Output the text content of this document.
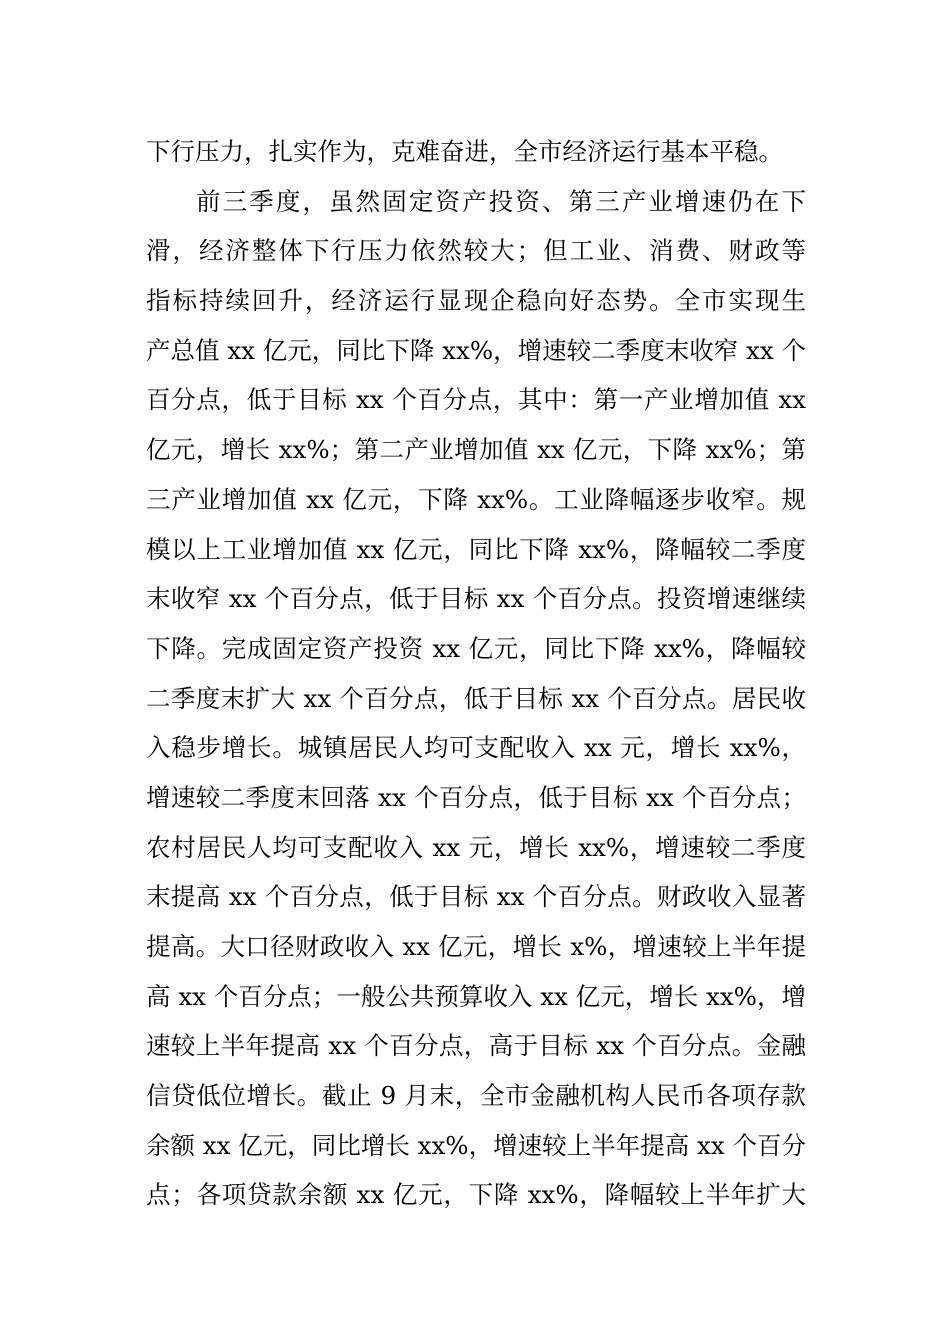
下行压力，扎实作为，克难奋进，全市经济运行基本平稳。
前三季度，虽然固定资产投资、第三产业增速仍在下
滑，经济整体下行压力依然较大；但工业、消费、财政等
指标持续回升，经济运行显现企稳向好态势。全市实现生
产总值 xx 亿元，同比下降 xx%，增速较二季度末收窄 xx 个
百分点，低于目标 xx 个百分点，其中：第一产业增加值 xx
亿元，增长 xx%；第二产业增加值 xx 亿元，下降 xx%；第
三产业增加值 xx 亿元，下降 xx%。工业降幅逐步收窄。规
模以上工业增加值 xx 亿元，同比下降 xx%，降幅较二季度
末收窄 xx 个百分点，低于目标 xx 个百分点。投资增速继续
下降。完成固定资产投资 xx 亿元，同比下降 xx%，降幅较
二季度末扩大 xx 个百分点，低于目标 xx 个百分点。居民收
入稳步增长。城镇居民人均可支配收入 xx 元，增长 xx%，
增速较二季度末回落 xx 个百分点，低于目标 xx 个百分点；
农村居民人均可支配收入 xx 元，增长 xx%，增速较二季度
末提高 xx 个百分点，低于目标 xx 个百分点。财政收入显著
提高。大口径财政收入 xx 亿元，增长 x%，增速较上半年提
高 xx 个百分点；一般公共预算收入 xx 亿元，增长 xx%，增
速较上半年提高 xx 个百分点，高于目标 xx 个百分点。金融
信贷低位增长。截止 9 月末，全市金融机构人民币各项存款
余额 xx 亿元，同比增长 xx%，增速较上半年提高 xx 个百分
点；各项贷款余额 xx 亿元，下降 xx%，降幅较上半年扩大
